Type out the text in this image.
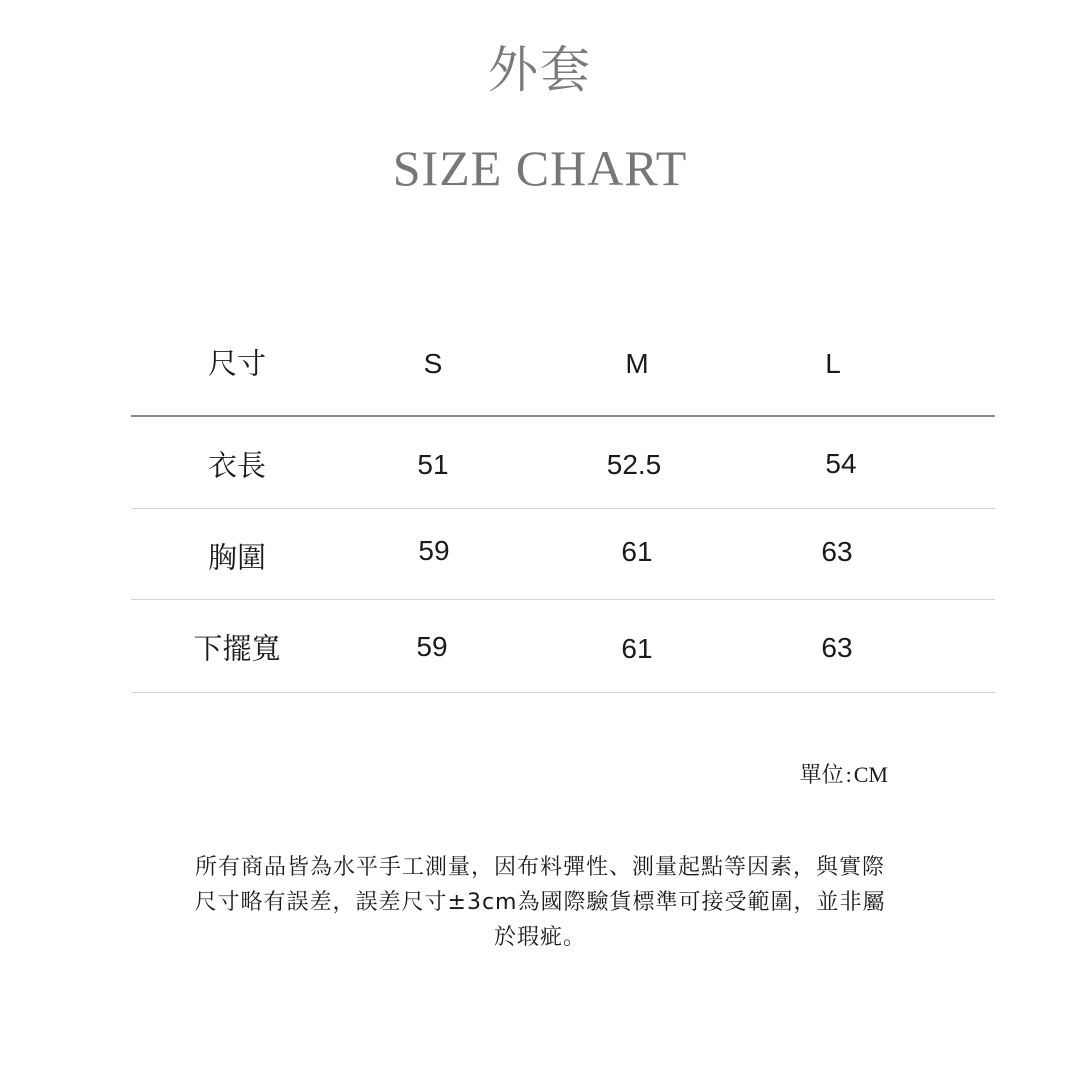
外套
SIZE CHART
尺寸	S	M	L
衣長	51	52.5	54
胸圍	59	61	63
下擺寬	59	61	63
單位:CM
所有商品皆為水平手工測量，因布料彈性、測量起點等因素，與實際
尺寸略有誤差，誤差尺寸±3cm為國際驗貨標準可接受範圍，並非屬
於瑕疵。
